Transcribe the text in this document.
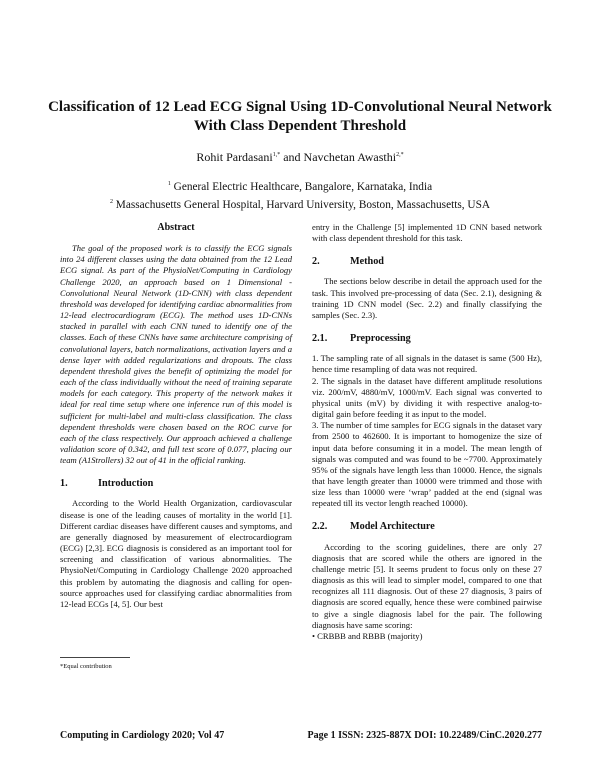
Classification of 12 Lead ECG Signal Using 1D-Convolutional Neural Network
With Class Dependent Threshold
Rohit Pardasani$^{1,*}$ and Navchetan Awasthi$^{2,*}$
$^1$ General Electric Healthcare, Bangalore, Karnataka, India
$^2$ Massachusetts General Hospital, Harvard University, Boston, Massachusetts, USA
Abstract

The goal of the proposed work is to classify the ECG signals into 24 different classes using the data obtained from the 12 Lead ECG signal. As part of the PhysioNet/Computing in Cardiology Challenge 2020, an approach based on 1 Dimensional - Convolutional Neural Network (1D-CNN) with class dependent threshold was developed for identifying cardiac abnormalities from 12-lead electrocardiogram (ECG). The method uses 1D-CNNs stacked in parallel with each CNN tuned to identify one of the classes. Each of these CNNs have same architecture comprising of convolutional layers, batch normalizations, activation layers and a dense layer with added regularizations and dropouts. The class dependent threshold gives the benefit of optimizing the model for each of the class individually without the need of training separate models for each category. This property of the network makes it ideal for real time setup where one inference run of this model is sufficient for multi-label and multi-class classification. The class dependent thresholds were chosen based on the ROC curve for each of the class respectively. Our approach achieved a challenge validation score of 0.342, and full test score of 0.077, placing our team (A1Strollers) 32 out of 41 in the official ranking.

1.	Introduction

According to the World Health Organization, cardiovascular disease is one of the leading causes of mortality in the world [1]. Different cardiac diseases have different causes and symptoms, and are generally diagnosed by measurement of electrocardiogram (ECG) [2,3]. ECG diagnosis is considered as an important tool for screening and classification of various abnormalities. The PhysioNet/Computing in Cardiology Challenge 2020 approached this problem by automating the diagnosis and calling for open-source approaches used for classifying cardiac abnormalities from 12-lead ECGs [4, 5]. Our best

*Equal contribution

entry in the Challenge [5] implemented 1D CNN based network with class dependent threshold for this task.

2.	Method

The sections below describe in detail the approach used for the task. This involved pre-processing of data (Sec. 2.1), designing & training 1D CNN model (Sec. 2.2) and finally classifying the samples (Sec. 2.3).

2.1.	Preprocessing

1. The sampling rate of all signals in the dataset is same (500 Hz), hence time resampling of data was not required.

2. The signals in the dataset have different amplitude resolutions viz. 200/mV, 4880/mV, 1000/mV. Each signal was converted to physical units (mV) by dividing it with respective analog-to-digital gain before feeding it as input to the model.

3. The number of time samples for ECG signals in the dataset vary from 2500 to 462600. It is important to homogenize the size of input data before consuming it in a model. The mean length of signals was computed and was found to be ~7700. Approximately 95% of the signals have length less than 10000. Hence, the signals that have length greater than 10000 were trimmed and those with size less than 10000 were ‘wrap’ padded at the end (signal was repeated till its vector length reached 10000).

2.2.	Model Architecture

According to the scoring guidelines, there are only 27 diagnosis that are scored while the others are ignored in the challenge metric [5]. It seems prudent to focus only on these 27 diagnosis as this will lead to simpler model, compared to one that recognizes all 111 diagnosis. Out of these 27 diagnosis, 3 pairs of diagnosis are scored equally, hence these were combined pairwise to give a single diagnosis label for the pair. The following diagnosis have same scoring:

• CRBBB and RBBB (majority)

Computing in Cardiology 2020; Vol 47	Page 1 ISSN: 2325-887X DOI: 10.22489/CinC.2020.277
